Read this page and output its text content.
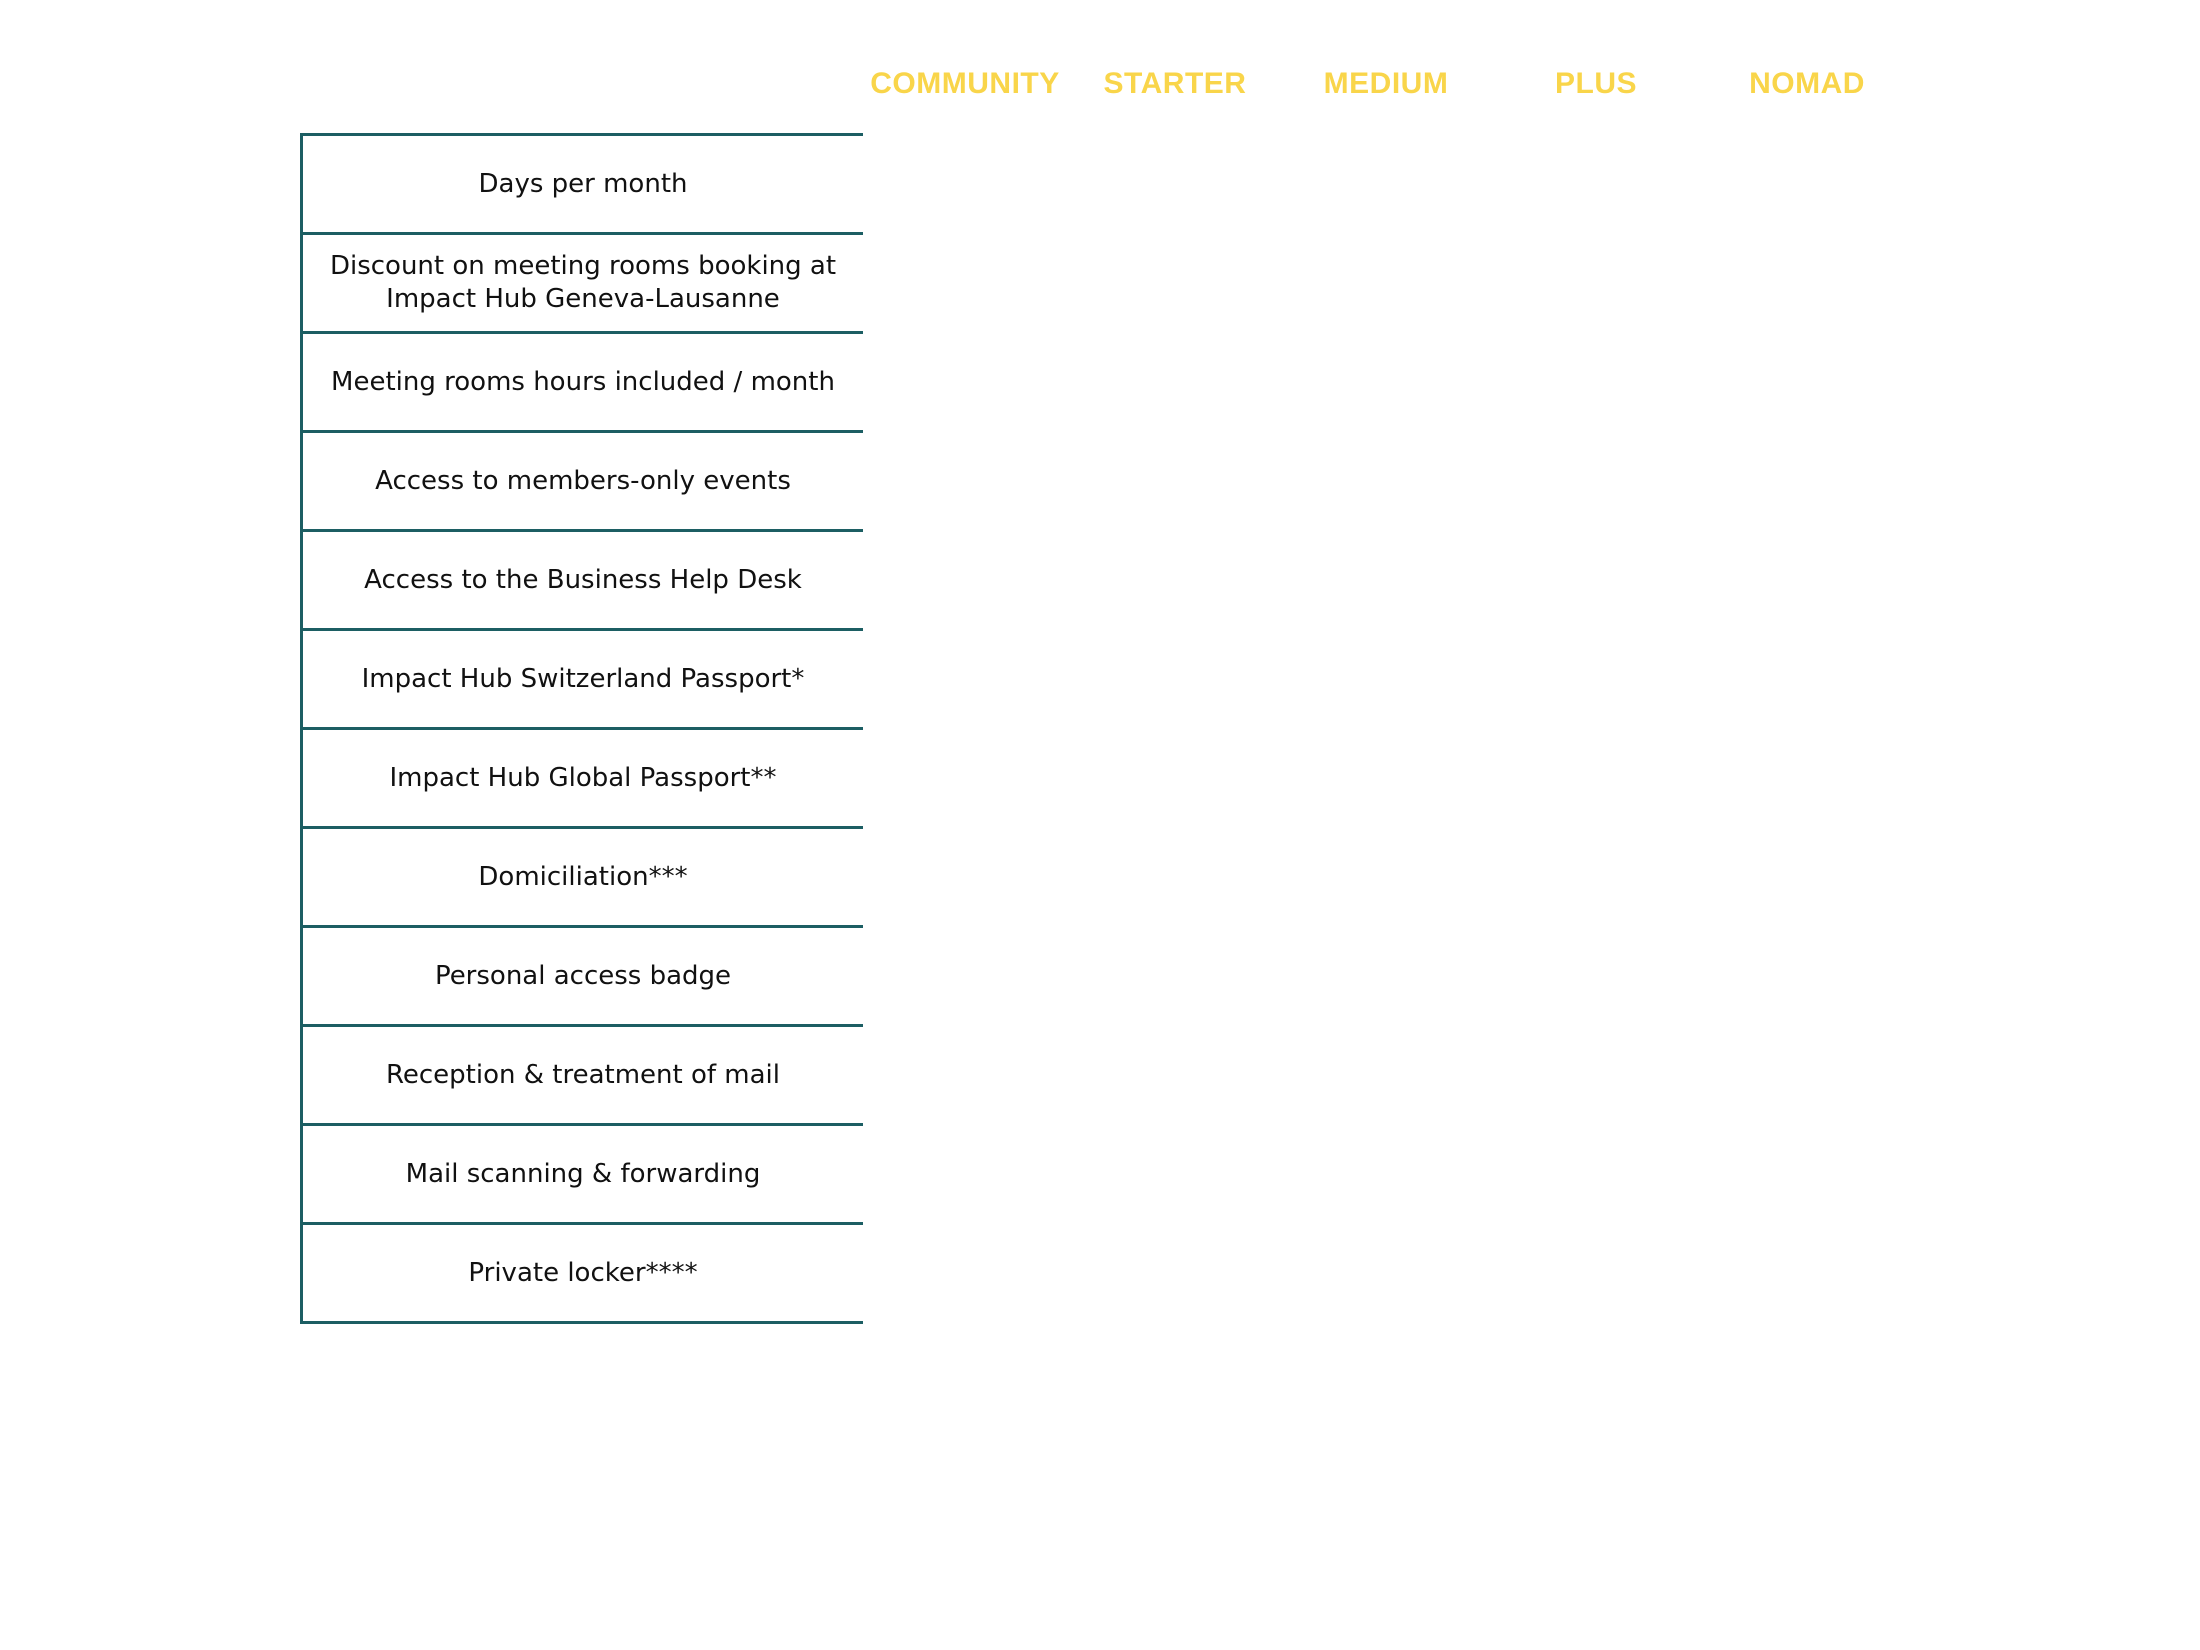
COMMUNITY STARTER	MEDIUM	PLUS	NOMAD
Days per month
Discount on meeting rooms booking at Impact Hub Geneva-Lausanne
Meeting rooms hours included / month
Access to members-only events
Access to the Business Help Desk
Impact Hub Switzerland Passport*
Impact Hub Global Passport**
Domiciliation***
Personal access badge
Reception & treatment of mail
Mail scanning & forwarding
Private locker****
